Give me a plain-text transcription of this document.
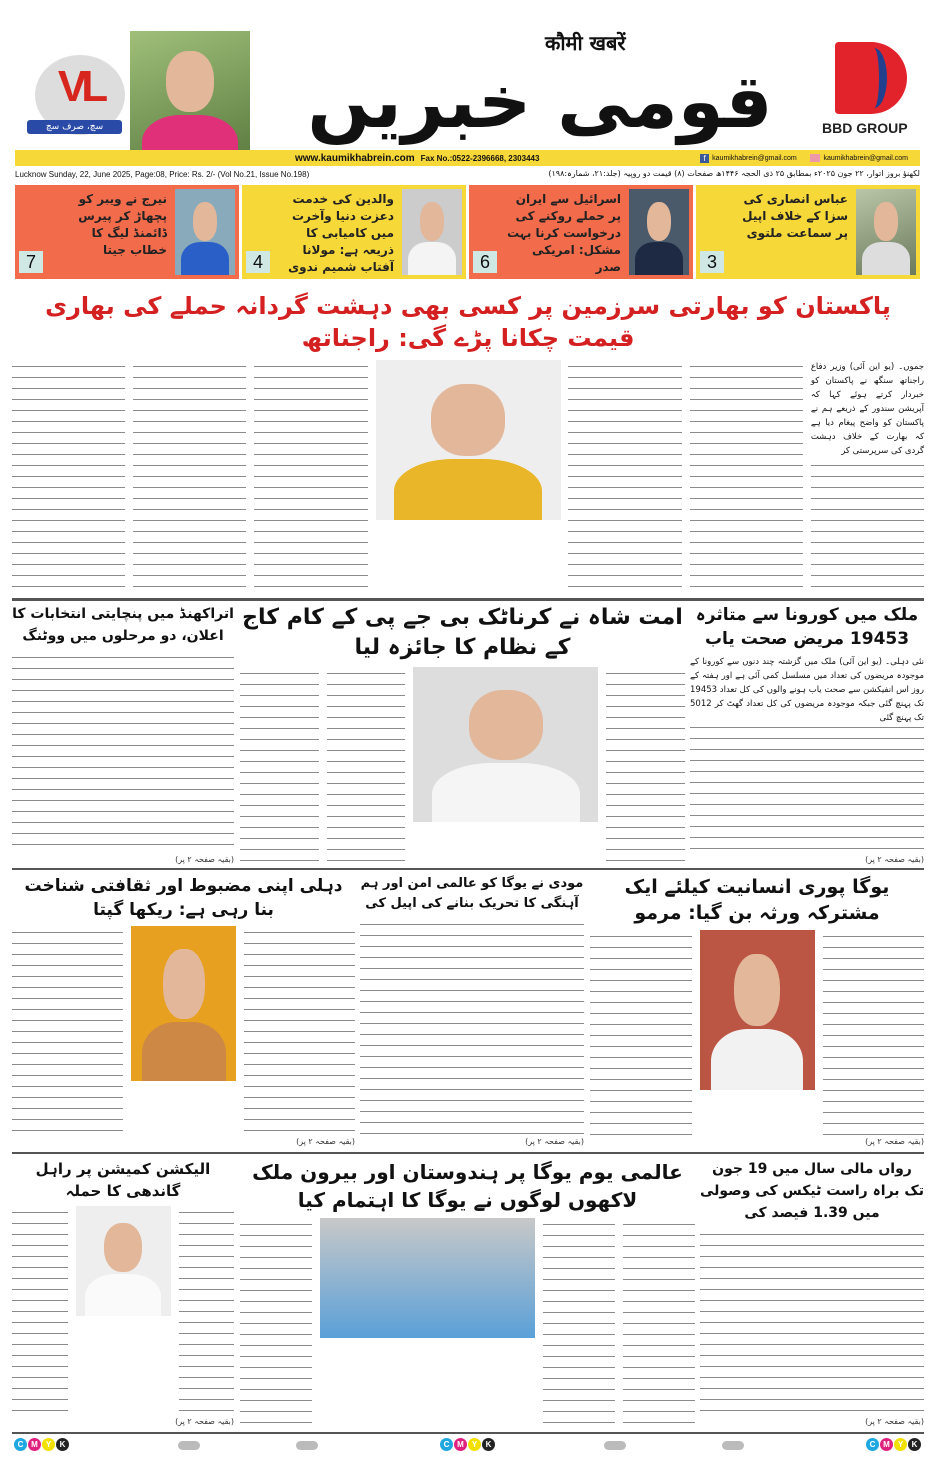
VL
سچ، صرف سچ	قومی خبریں
कौमी खबरें
BBD GROUP
www.kaumikhabrein.com Fax No.:0522-2396668, 2303443	f kaumikhabrein@gmail.com
	kaumikhabrein@gmail.com
Lucknow Sunday, 22, June 2025, Page:08, Price: Rs. 2/- (Vol No.21, Issue No.198)	لکھنؤ بروز اتوار، ۲۲ جون ۲۰۲۵ء بمطابق ۲۵ ذی الحجہ ۱۴۴۶ھ صفحات (۸) قیمت دو روپیہ (جلد:۲۱، شمارہ:۱۹۸)
عباس انصاری کی سزا کے خلاف اپیل پر سماعت ملتوی
3
اسرائیل سے ایران پر حملے روکنے کی درخواست کرنا بہت مشکل: امریکی صدر
6
والدین کی خدمت دعزت دنیا وآخرت میں کامیابی کا ذریعہ ہے: مولانا آفتاب شمیم ندوی
4
نیرج نے ویبر کو پچھاڑ کر پیرس ڈائمنڈ لیگ کا خطاب جیتا
7
پاکستان کو بھارتی سرزمین پر کسی بھی دہشت گردانہ حملے کی بھاری قیمت چکانا پڑے گی: راجناتھ

جموں۔ (یو این آئی) وزیر دفاع راجناتھ سنگھ نے پاکستان کو خبردار کرتے ہوئے کہا کہ آپریشن سندور کے ذریعے ہم نے پاکستان کو واضح پیغام دیا ہے کہ بھارت کے خلاف دہشت گردی کی سرپرستی کر

ملک میں کورونا سے متاثرہ 19453 مریض صحت یاب

نئی دہلی۔ (یو این آئی) ملک میں گزشتہ چند دنوں سے کورونا کے موجودہ مریضوں کی تعداد میں مسلسل کمی آئی ہے اور ہفتہ کے روز اس انفیکشن سے صحت یاب ہونے والوں کی کل تعداد 19453 تک پہنچ گئی جبکہ موجودہ مریضوں کی کل تعداد گھٹ کر 5012 تک پہنچ گئی

(بقیہ صفحہ ۲ پر)
امت شاہ نے کرناٹک بی جے پی کے کام کاج کے نظام کا جائزہ لیا
اتراکھنڈ میں پنچایتی انتخابات کا اعلان، دو مرحلوں میں ووٹنگ
(بقیہ صفحہ ۲ پر)
یوگا پوری انسانیت کیلئے ایک مشترکہ ورثہ بن گیا: مرمو
(بقیہ صفحہ ۲ پر)
مودی نے یوگا کو عالمی امن اور ہم آہنگی کا تحریک بنانے کی اپیل کی
(بقیہ صفحہ ۲ پر)
دہلی اپنی مضبوط اور ثقافتی شناخت بنا رہی ہے: ریکھا گپتا
(بقیہ صفحہ ۲ پر)
رواں مالی سال میں 19 جون تک براہ راست ٹیکس کی وصولی میں 1.39 فیصد کی
(بقیہ صفحہ ۲ پر)
عالمی یوم یوگا پر ہندوستان اور بیرون ملک لاکھوں لوگوں نے یوگا کا اہتمام کیا
الیکشن کمیشن پر راہل گاندھی کا حملہ
(بقیہ صفحہ ۲ پر)
C M	Y	K	C M	Y	K	C M	Y	K
